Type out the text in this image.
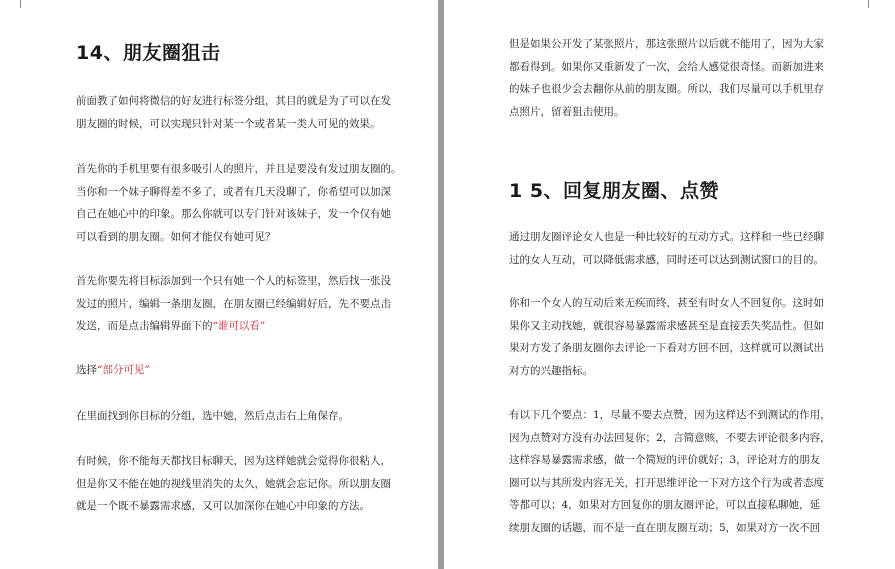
14、朋友圈狙击
前面教了如何将微信的好友进行标签分组，其目的就是为了可以在发
朋友圈的时候，可以实现只针对某一个或者某一类人可见的效果。
首先你的手机里要有很多吸引人的照片，并且是要没有发过朋友圈的。
当你和一个妹子聊得差不多了，或者有几天没聊了，你希望可以加深
自己在她心中的印象。那么你就可以专门针对该妹子，发一个仅有她
可以看到的朋友圈。如何才能仅有她可见？
首先你要先将目标添加到一个只有她一个人的标签里，然后找一张没
发过的照片，编辑一条朋友圈，在朋友圈已经编辑好后，先不要点击
发送，而是点击编辑界面下的“谁可以看”
选择“部分可见”
在里面找到你目标的分组，选中她，然后点击右上角保存。
有时候，你不能每天都找目标聊天，因为这样她就会觉得你很粘人，
但是你又不能在她的视线里消失的太久，她就会忘记你。所以朋友圈
就是一个既不暴露需求感，又可以加深你在她心中印象的方法。
但是如果公开发了某张照片，那这张照片以后就不能用了，因为大家
都看得到。如果你又重新发了一次，会给人感觉很奇怪。而新加进来
的妹子也很少会去翻你从前的朋友圈。所以，我们尽量可以手机里存
点照片，留着狙击使用。
1 5、回复朋友圈、点赞
通过朋友圈评论女人也是一种比较好的互动方式。这样和一些已经聊
过的女人互动，可以降低需求感，同时还可以达到测试窗口的目的。
你和一个女人的互动后来无疾而终，甚至有时女人不回复你。这时如
果你又主动找她，就很容易暴露需求感甚至是直接丢失奖品性。但如
果对方发了条朋友圈你去评论一下看对方回不回，这样就可以测试出
对方的兴趣指标。
有以下几个要点：1，尽量不要去点赞，因为这样达不到测试的作用，
因为点赞对方没有办法回复你；2，言简意赅，不要去评论很多内容，
这样容易暴露需求感，做一个简短的评价就好；3，评论对方的朋友
圈可以与其所发内容无关，打开思维评论一下对方这个行为或者态度
等都可以；4，如果对方回复你的朋友圈评论，可以直接私聊她，延
续朋友圈的话题，而不是一直在朋友圈互动；5，如果对方一次不回
